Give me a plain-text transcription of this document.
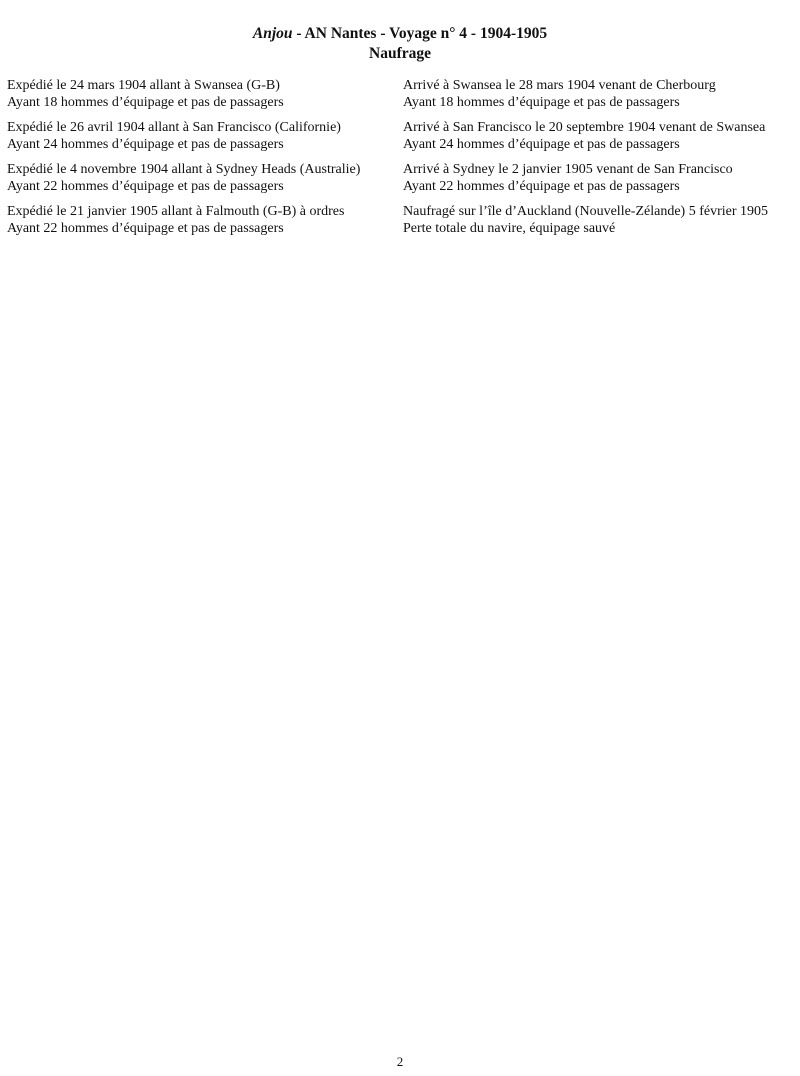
Anjou - AN Nantes - Voyage n° 4 - 1904-1905
Naufrage
Expédié le 24 mars 1904 allant à Swansea (G-B)
Ayant 18 hommes d’équipage et pas de passagers
Arrivé à Swansea le 28 mars 1904 venant de Cherbourg
Ayant 18 hommes d’équipage et pas de passagers
Expédié le 26 avril 1904 allant à San Francisco (Californie)
Ayant 24 hommes d’équipage et pas de passagers
Arrivé à San Francisco le 20 septembre 1904 venant de Swansea
Ayant 24 hommes d’équipage et pas de passagers
Expédié le 4 novembre 1904 allant à Sydney Heads (Australie)
Ayant 22 hommes d’équipage et pas de passagers
Arrivé à Sydney le 2 janvier 1905 venant de San Francisco
Ayant 22 hommes d’équipage et pas de passagers
Expédié le 21 janvier 1905 allant à Falmouth (G-B) à ordres
Ayant 22 hommes d’équipage et pas de passagers
Naufragé sur l’île d’Auckland (Nouvelle-Zélande) 5 février 1905
Perte totale du navire, équipage sauvé
2
